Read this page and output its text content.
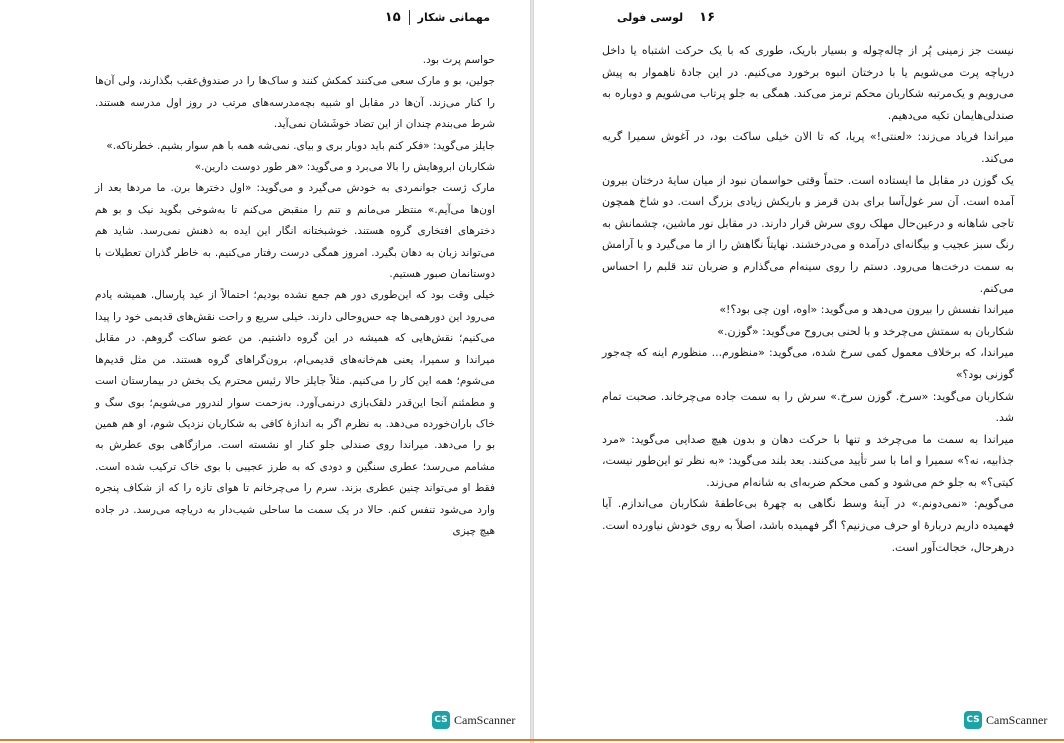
۱۵ مهمانی شکار

حواسم پرت بود.

جولین، بو و مارک سعی می‌کنند کمکش کنند و ساک‌ها را در صندوق‌عقب بگذارند، ولی آن‌ها را کنار می‌زند. آن‌ها در مقابل او شبیه بچه‌مدرسه‌های مرتب در روز اول مدرسه هستند. شرط می‌بندم چندان از این تضاد خوشَشان نمی‌آید.

جایلز می‌گوید: «فکر کنم باید دوبار بری و بیای. نمی‌شه همه با هم سوار بشیم. خطرناکه.»

شکاربان ابروهایش را بالا می‌برد و می‌گوید: «هر طور دوست دارین.»

مارک ژست جوانمردی به خودش می‌گیرد و می‌گوید: «اول دخترها برن. ما مردها بعد از اون‌ها می‌آیم.» منتظر می‌مانم و تنم را منقبض می‌کنم تا به‌شوخی بگوید نیک و بو هم دخترهای افتخاری گروه هستند. خوشبختانه انگار این ایده به ذهنش نمی‌رسد. شاید هم می‌تواند زبان به دهان بگیرد. امروز همگی درست رفتار می‌کنیم. به خاطر گذران تعطیلات با دوستانمان صبور هستیم.

خیلی وقت بود که این‌طوری دور هم جمع نشده بودیم؛ احتمالاً از عید پارسال. همیشه یادم می‌رود این دورهمی‌ها چه حس‌وحالی دارند. خیلی سریع و راحت نقش‌های قدیمی خود را پیدا می‌کنیم؛ نقش‌هایی که همیشه در این گروه داشتیم. من عضو ساکت گروهم. در مقابل میراندا و سمیرا، یعنی هم‌خانه‌های قدیمی‌ام، برون‌گراهای گروه هستند. من مثل قدیم‌ها می‌شوم؛ همه این کار را می‌کنیم. مثلاً جایلز حالا رئیس محترم یک بخش در بیمارستان است و مطمئنم آنجا این‌قدر دلقک‌بازی درنمی‌آورد. به‌زحمت سوار لندرور می‌شویم؛ بوی سگ و خاک باران‌خورده می‌دهد. به نظرم اگر به اندازهٔ کافی به شکاربان نزدیک شوم، او هم همین بو را می‌دهد. میراندا روی صندلی جلو کنار او نشسته است. مرازگاهی بوی عطرش به مشامم می‌رسد؛ عطری سنگین و دودی که به طرز عجیبی با بوی خاک ترکیب شده است. فقط او می‌تواند چنین عطری بزند. سرم را می‌چرخانم تا هوای تازه را که از شکاف پنجره وارد می‌شود تنفس کنم. حالا در یک سمت ما ساحلی شیب‌دار به دریاچه می‌رسد. در جاده هیچ چیزی

CS CamScanner
۱۶
لوسی فولی

نیست جز زمینی پُر از چاله‌چوله و بسیار باریک، طوری که با یک حرکت اشتباه یا داخل دریاچه پرت می‌شویم یا با درختان انبوه برخورد می‌کنیم. در این جادهٔ ناهموار به پیش می‌رویم و یک‌مرتبه شکاربان محکم ترمز می‌کند. همگی به جلو پرتاب می‌شویم و دوباره به صندلی‌هایمان تکیه می‌دهیم.

میراندا فریاد می‌زند: «لعنتی!» پریا، که تا الان خیلی ساکت بود، در آغوش سمیرا گریه می‌کند.

یک گوزن در مقابل ما ایستاده است. حتماً وقتی حواسمان نبود از میان سایهٔ درختان بیرون آمده است. آن سر غول‌آسا برای بدن قرمز و باریکش زیادی بزرگ است. دو شاخ همچون تاجی شاهانه و درعین‌حال مهلک روی سرش قرار دارند. در مقابل نور ماشین، چشمانش به رنگ سبز عجیب و بیگانه‌ای درآمده و می‌درخشند. نهایتاً نگاهش را از ما می‌گیرد و با آرامش به سمت درخت‌ها می‌رود. دستم را روی سینه‌ام می‌گذارم و ضربان تند قلبم را احساس می‌کنم.

میراندا نفسش را بیرون می‌دهد و می‌گوید: «اوه، اون چی بود؟!»

شکاربان به سمتش می‌چرخد و با لحنی بی‌روح می‌گوید: «گوزن.»

میراندا، که برخلاف معمول کمی سرخ شده، می‌گوید: «منظورم... منظورم اینه که چه‌جور گوزنی بود؟»

شکاربان می‌گوید: «سرخ. گوزن سرخ.» سرش را به سمت جاده می‌چرخاند. صحبت تمام شد.

میراندا به سمت ما می‌چرخد و تنها با حرکت دهان و بدون هیچ صدایی می‌گوید: «مرد جذابیه، نه؟» سمیرا و اما با سر تأیید می‌کنند. بعد بلند می‌گوید: «به نظر تو این‌طور نیست، کیتی؟» به جلو خم می‌شود و کمی محکم ضربه‌ای به شانه‌ام می‌زند.

می‌گویم: «نمی‌دونم.» در آینهٔ وسط نگاهی به چهرهٔ بی‌عاطفهٔ شکاربان می‌اندازم. آیا فهمیده داریم دربارهٔ او حرف می‌زنیم؟ اگر فهمیده باشد، اصلاً به روی خودش نیاورده است. درهرحال، خجالت‌آور است.

CS CamScanner
